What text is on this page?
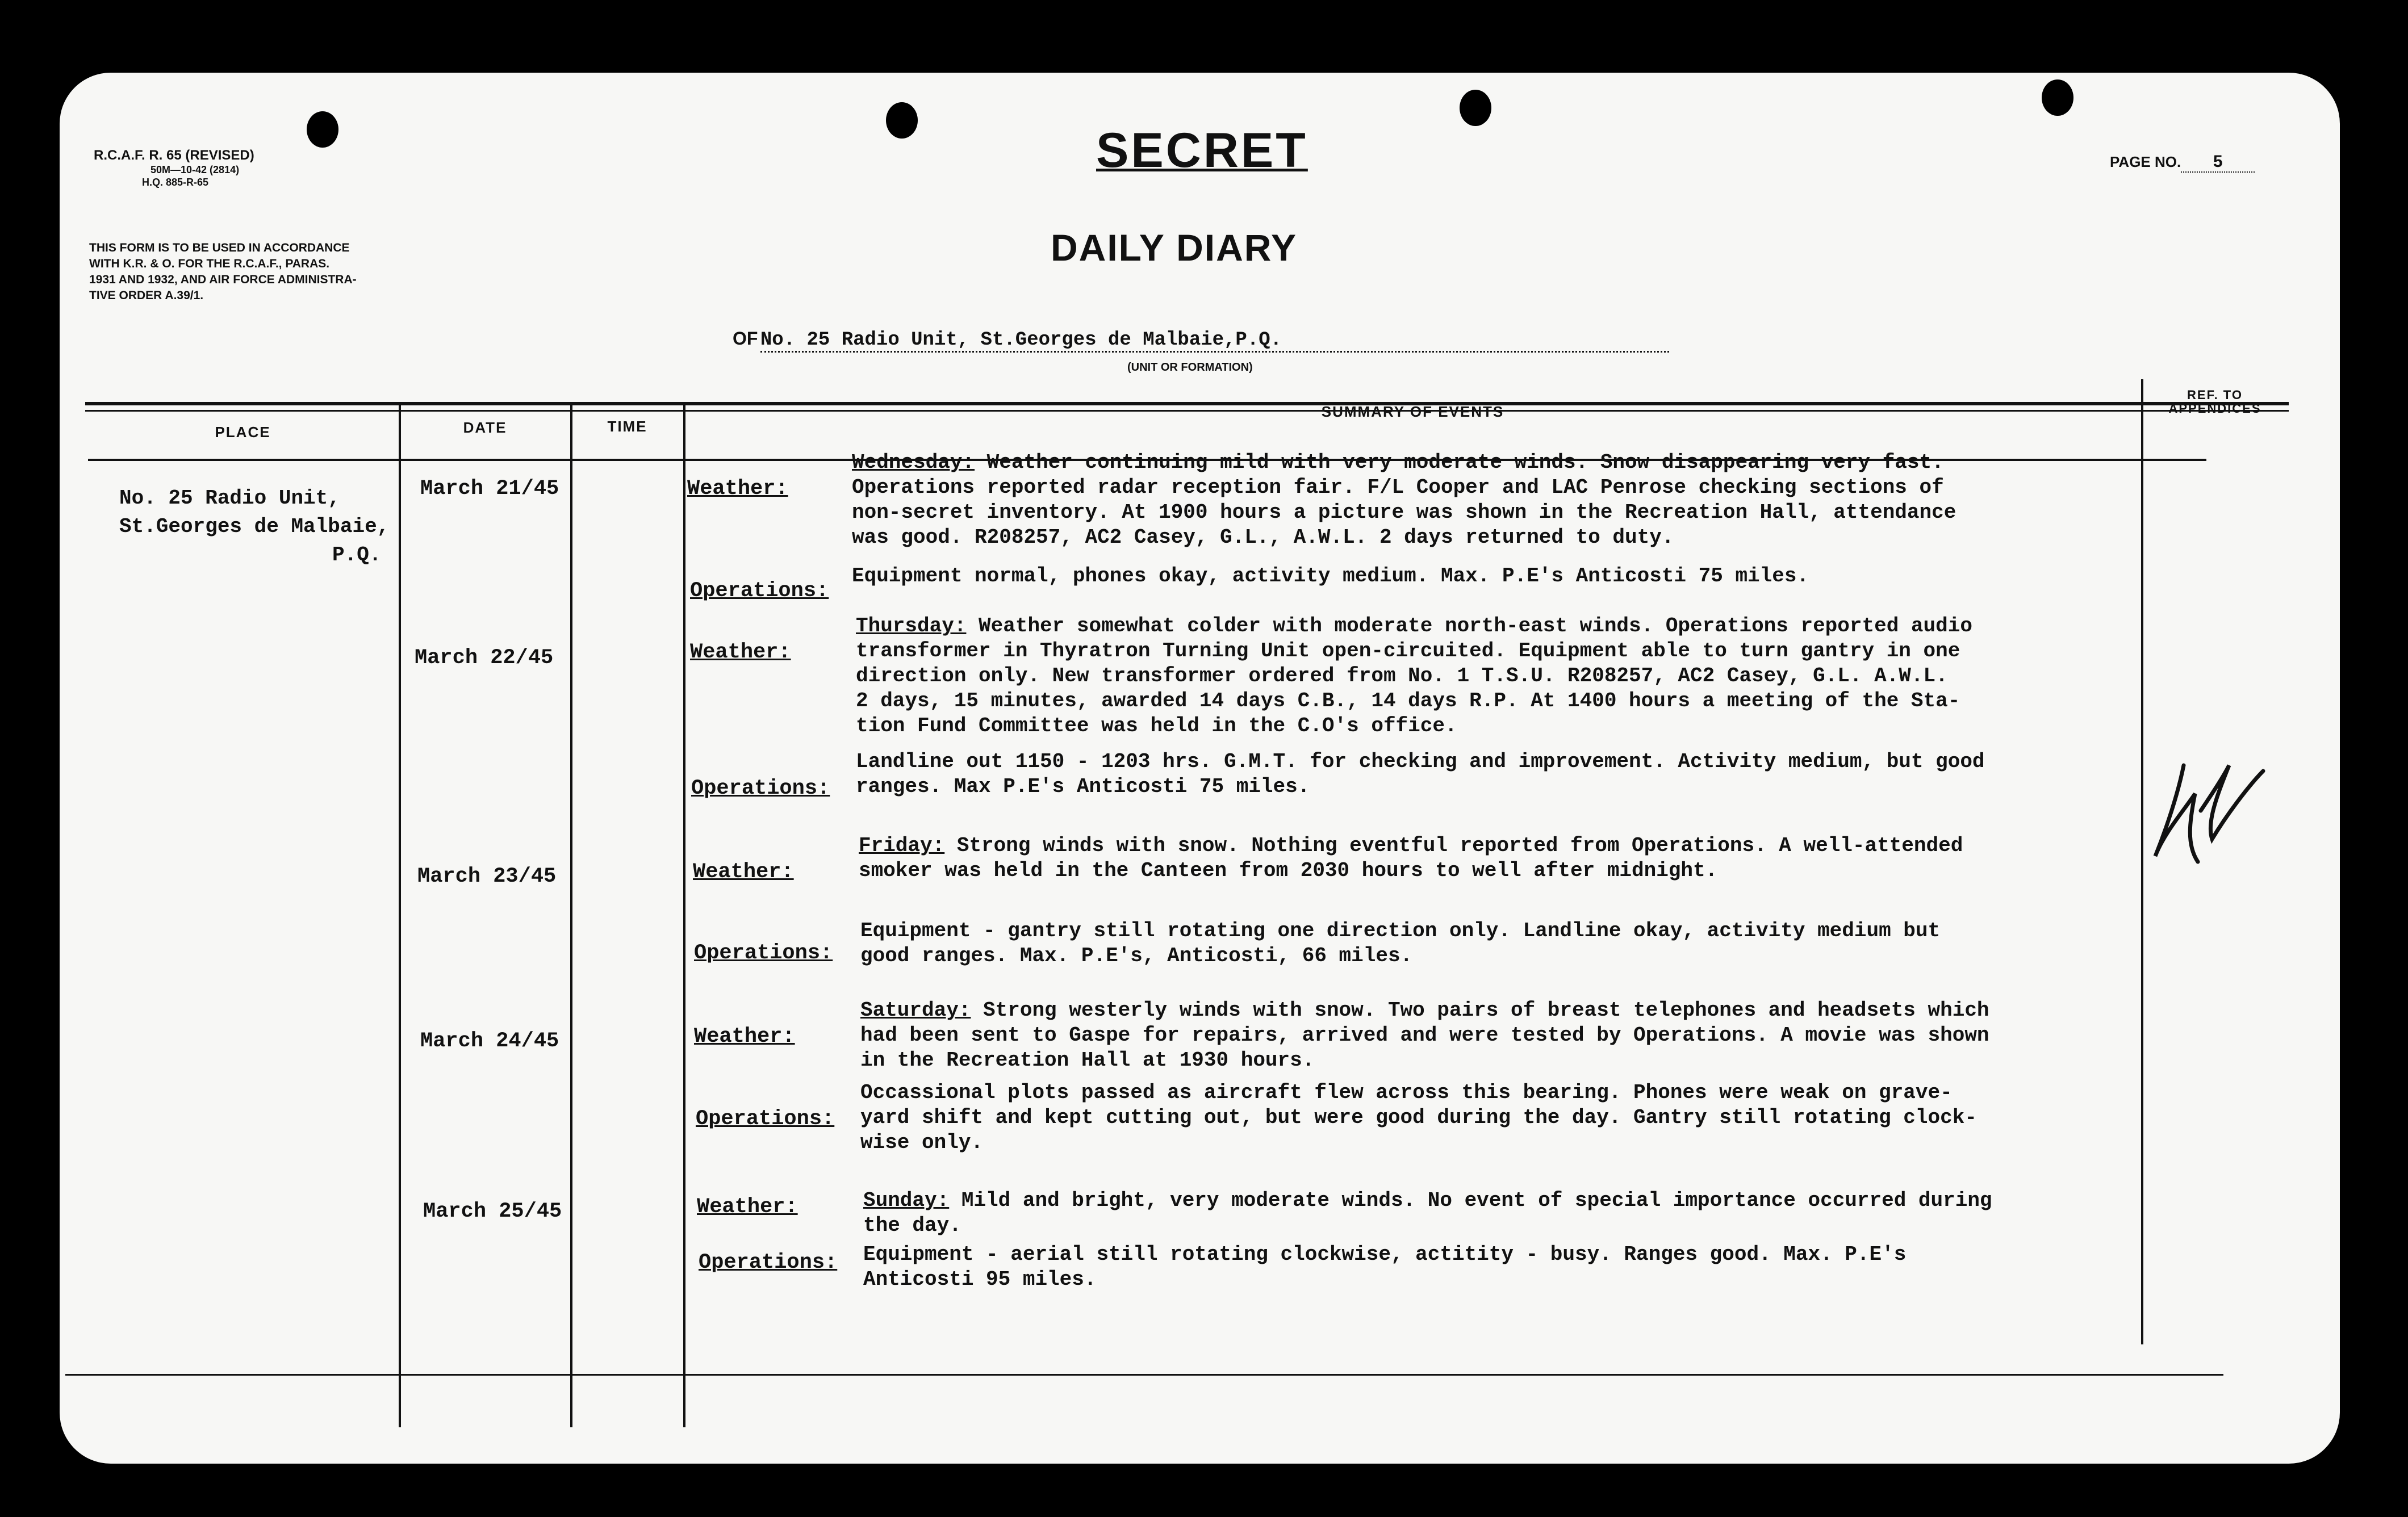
R.C.A.F. R. 65 (REVISED)
50M—10-42 (2814)
H.Q. 885-R-65
SECRET	PAGE NO. 5
THIS FORM IS TO BE USED IN ACCORDANCE
WITH K.R. & O. FOR THE R.C.A.F., PARAS.
1931 AND 1932, AND AIR FORCE ADMINISTRA-
TIVE ORDER A.39/1.
DAILY DIARY
OF No. 25 Radio Unit, St.Georges de Malbaie,P.Q.
(UNIT OR FORMATION)
PLACE	DATE	TIME
SUMMARY OF EVENTS
REF. TO
APPENDICES
No. 25 Radio Unit,
St.Georges de Malbaie,
P.Q.
March 21/45	Weather:
Wednesday: Weather continuing mild with very moderate winds. Snow disappearing very fast.
Operations reported radar reception fair. F/L Cooper and LAC Penrose checking sections of
non-secret inventory. At 1900 hours a picture was shown in the Recreation Hall, attendance
was good. R208257, AC2 Casey, G.L., A.W.L. 2 days returned to duty.
Operations:
Equipment normal, phones okay, activity medium. Max. P.E's Anticosti 75 miles.
March 22/45	Weather:
Thursday: Weather somewhat colder with moderate north-east winds. Operations reported audio
transformer in Thyratron Turning Unit open-circuited. Equipment able to turn gantry in one
direction only. New transformer ordered from No. 1 T.S.U. R208257, AC2 Casey, G.L. A.W.L.
2 days, 15 minutes, awarded 14 days C.B., 14 days R.P. At 1400 hours a meeting of the Sta-
tion Fund Committee was held in the C.O's office.
Operations:
Landline out 1150 - 1203 hrs. G.M.T. for checking and improvement. Activity medium, but good
ranges. Max P.E's Anticosti 75 miles.
March 23/45	Weather:
Friday: Strong winds with snow. Nothing eventful reported from Operations. A well-attended
smoker was held in the Canteen from 2030 hours to well after midnight.
Operations:
Equipment - gantry still rotating one direction only. Landline okay, activity medium but
good ranges. Max. P.E's, Anticosti, 66 miles.
March 24/45	Weather:
Saturday: Strong westerly winds with snow. Two pairs of breast telephones and headsets which
had been sent to Gaspe for repairs, arrived and were tested by Operations. A movie was shown
in the Recreation Hall at 1930 hours.
Operations:
Occassional plots passed as aircraft flew across this bearing. Phones were weak on grave-
yard shift and kept cutting out, but were good during the day. Gantry still rotating clock-
wise only.
March 25/45	Weather:	Sunday: Mild and bright, very moderate winds. No event of special importance occurred during
the day.
Operations: Equipment - aerial still rotating clockwise, actitity - busy. Ranges good. Max. P.E's
Anticosti 95 miles.
